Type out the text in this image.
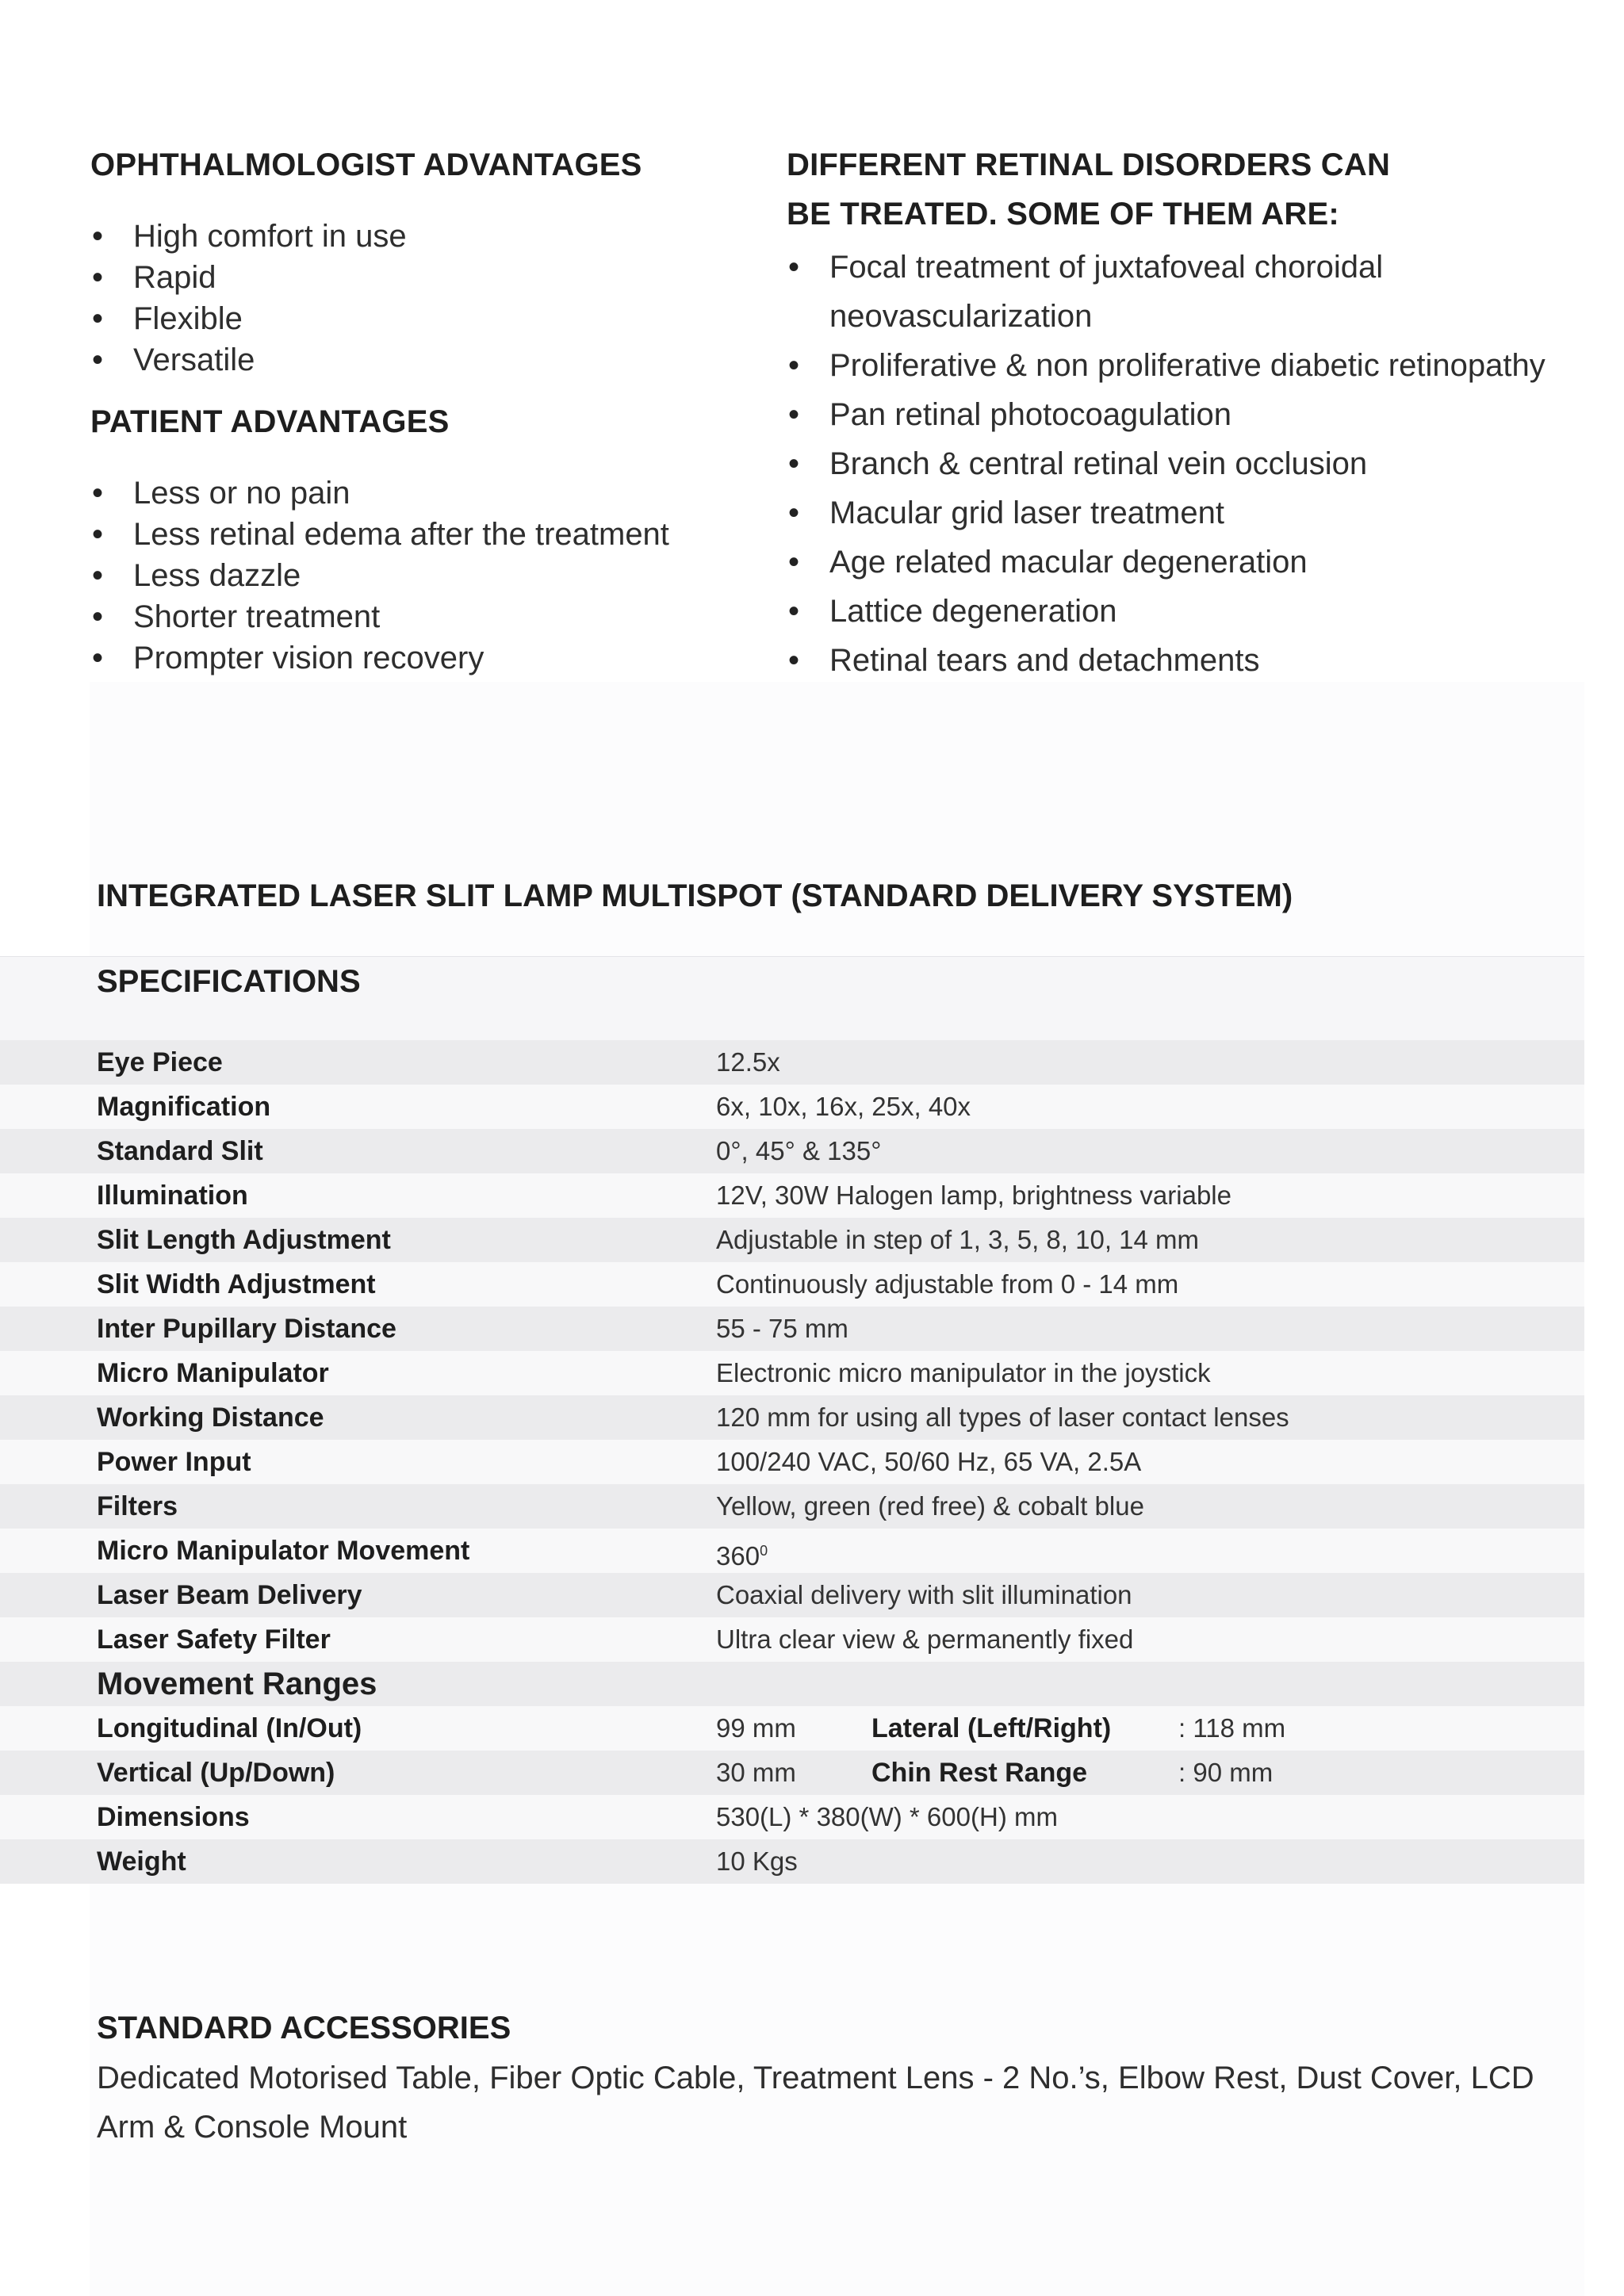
OPHTHALMOLOGIST ADVANTAGES
• High comfort in use
• Rapid
• Flexible
• Versatile
PATIENT ADVANTAGES
• Less or no pain
• Less retinal edema after the treatment
• Less dazzle
• Shorter treatment
• Prompter vision recovery
DIFFERENT RETINAL DISORDERS CAN
BE TREATED. SOME OF THEM ARE:
• Focal treatment of juxtafoveal choroidal neovascularization
• Proliferative & non proliferative diabetic retinopathy
• Pan retinal photocoagulation
• Branch & central retinal vein occlusion
• Macular grid laser treatment
• Age related macular degeneration
• Lattice degeneration
• Retinal tears and detachments
INTEGRATED LASER SLIT LAMP MULTISPOT (STANDARD DELIVERY SYSTEM)
SPECIFICATIONS
Eye Piece	12.5x
Magnification	6x, 10x, 16x, 25x, 40x
Standard Slit	0°, 45° & 135°
Illumination	12V, 30W Halogen lamp, brightness variable
Slit Length Adjustment	Adjustable in step of 1, 3, 5, 8, 10, 14 mm
Slit Width Adjustment	Continuously adjustable from 0 - 14 mm
Inter Pupillary Distance	55 - 75 mm
Micro Manipulator	Electronic micro manipulator in the joystick
Working Distance	120 mm for using all types of laser contact lenses
Power Input	100/240 VAC, 50/60 Hz, 65 VA, 2.5A
Filters	Yellow, green (red free) & cobalt blue
Micro Manipulator Movement	$360^0$
Laser Beam Delivery	Coaxial delivery with slit illumination
Laser Safety Filter	Ultra clear view & permanently fixed
Movement Ranges
Longitudinal (In/Out)	99 mm	Lateral (Left/Right)	: 118 mm
Vertical (Up/Down)	30 mm	Chin Rest Range	: 90 mm
Dimensions	530(L) * 380(W) * 600(H) mm
Weight	10 Kgs
STANDARD ACCESSORIES

Dedicated Motorised Table, Fiber Optic Cable, Treatment Lens - 2 No.’s, Elbow Rest, Dust Cover, LCD Arm & Console Mount
